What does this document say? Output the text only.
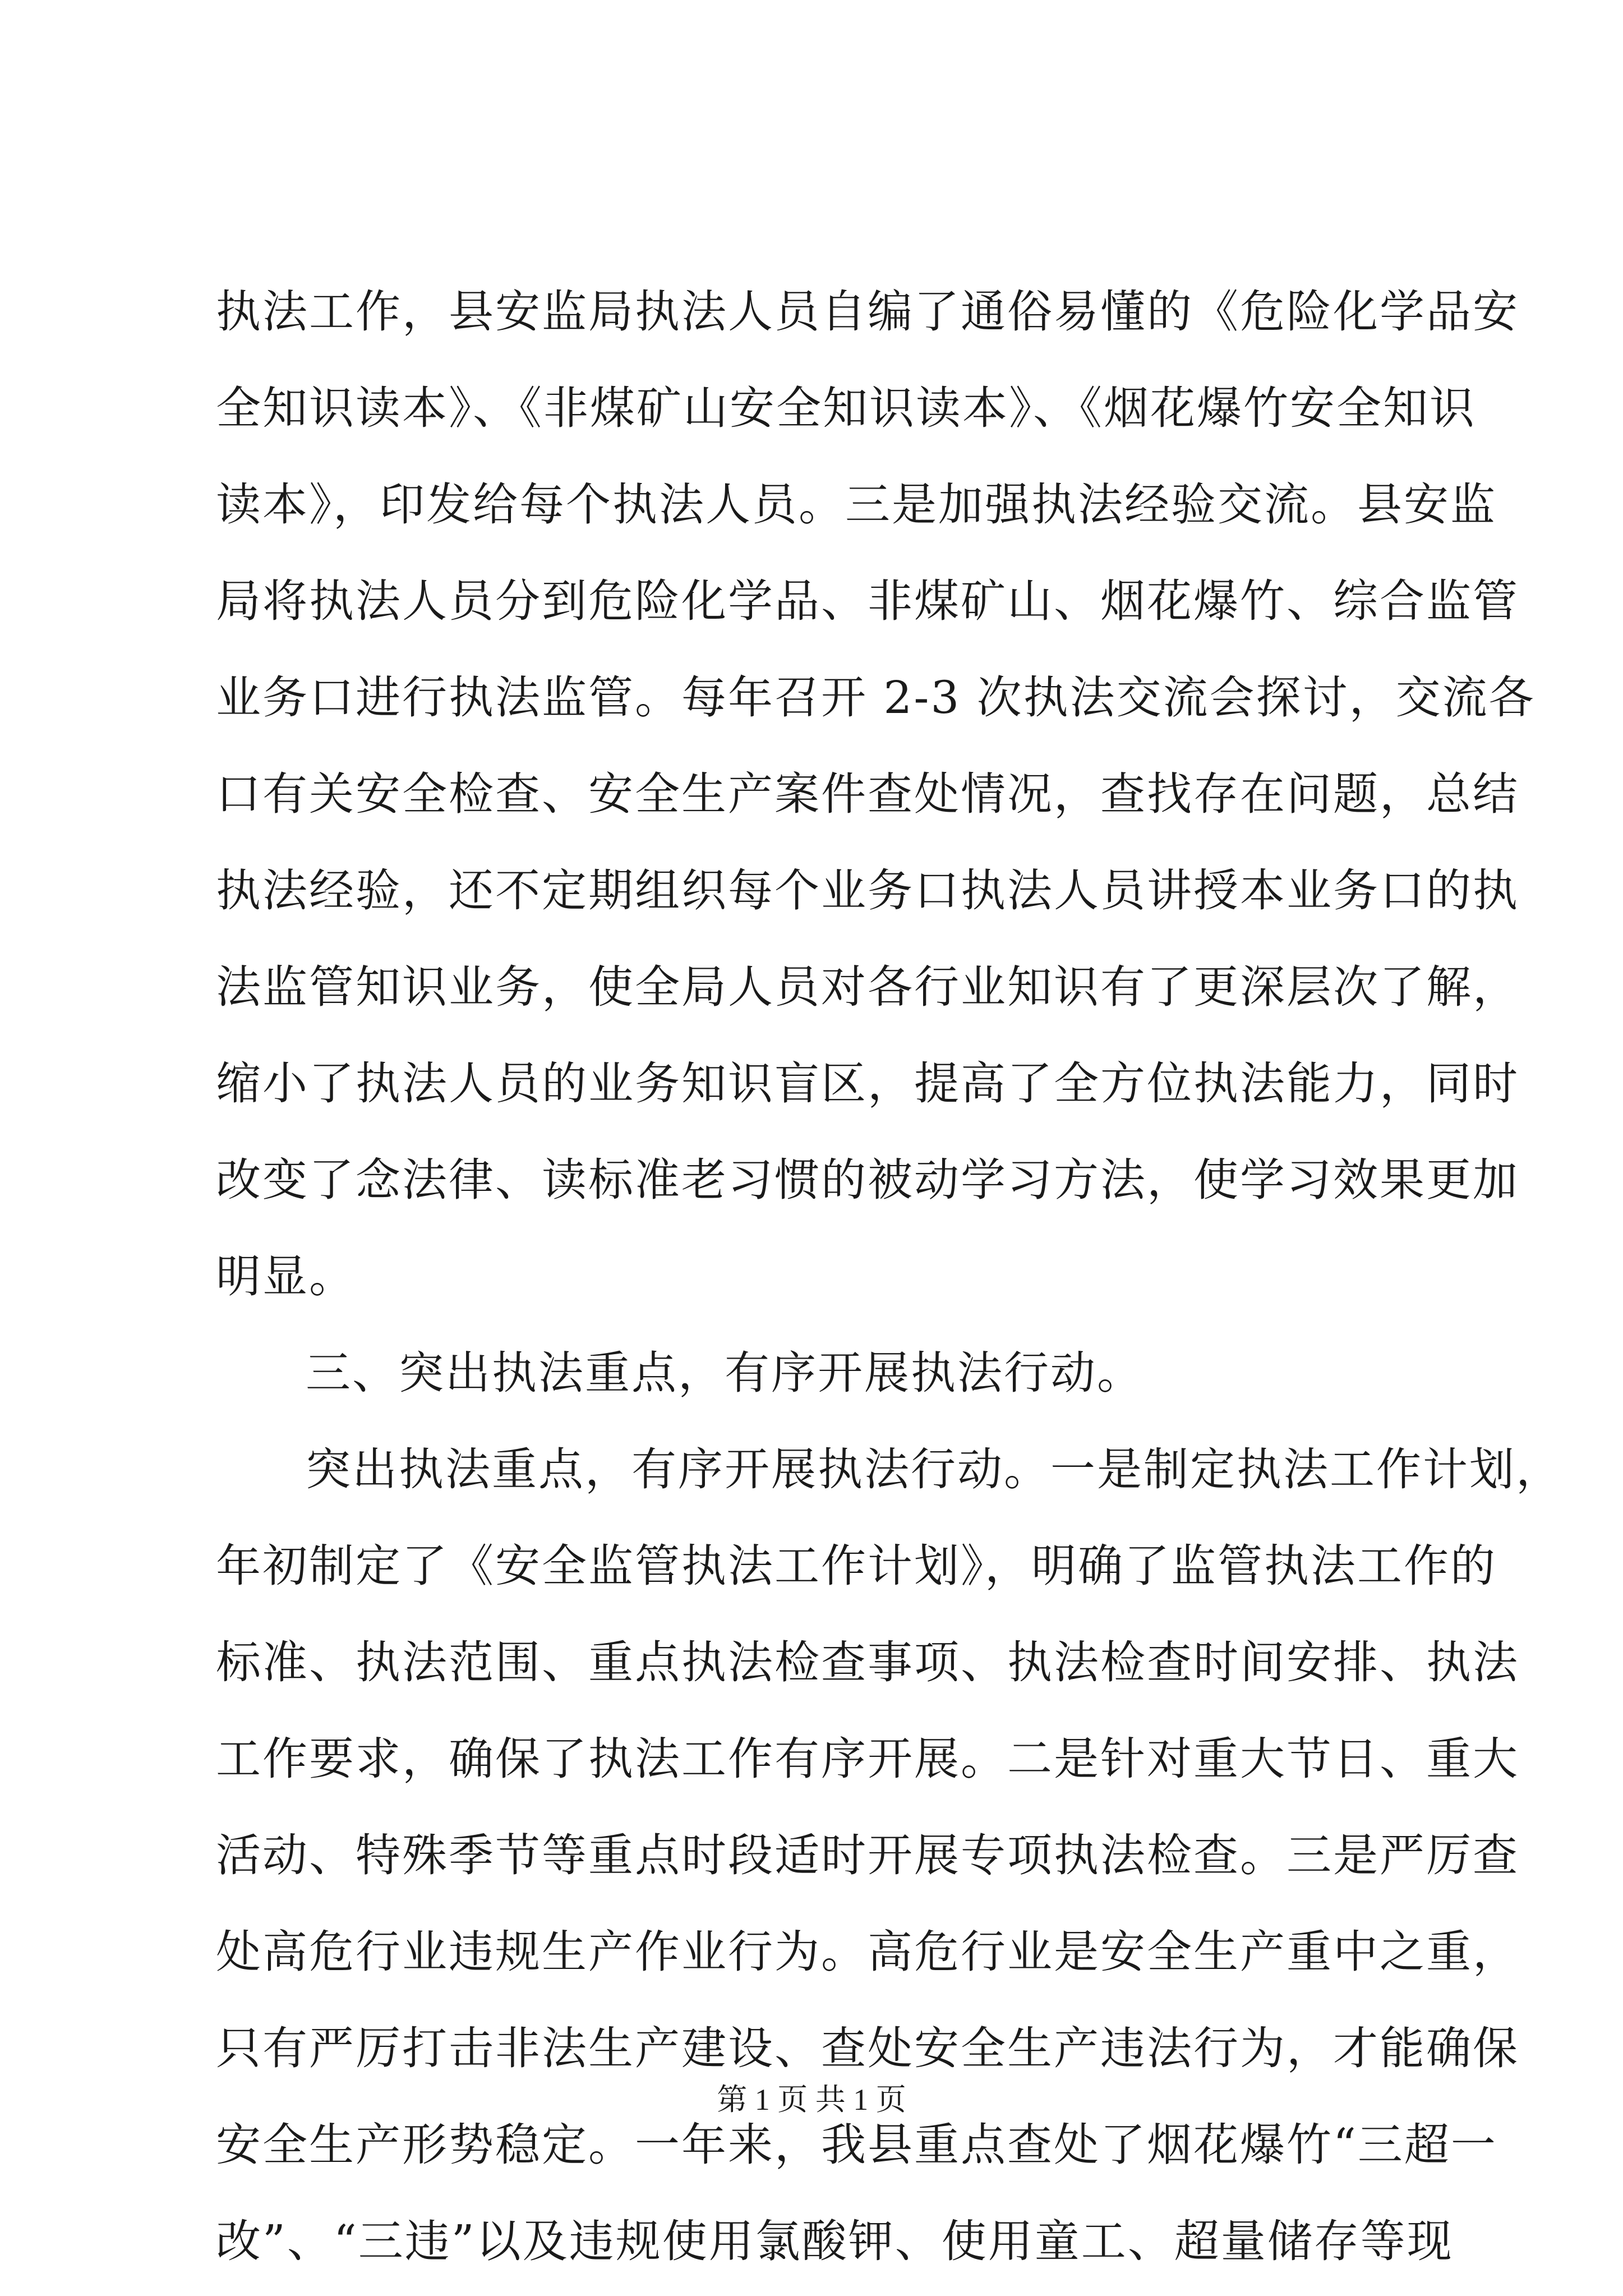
执法工作，县安监局执法人员自编了通俗易懂的《危险化学品安
全知识读本》、《非煤矿山安全知识读本》、《烟花爆竹安全知识
读本》，印发给每个执法人员。三是加强执法经验交流。县安监
局将执法人员分到危险化学品、非煤矿山、烟花爆竹、综合监管
业务口进行执法监管。每年召开 2-3 次执法交流会探讨，交流各
口有关安全检查、安全生产案件查处情况，查找存在问题，总结
执法经验，还不定期组织每个业务口执法人员讲授本业务口的执
法监管知识业务，使全局人员对各行业知识有了更深层次了解，
缩小了执法人员的业务知识盲区，提高了全方位执法能力，同时
改变了念法律、读标准老习惯的被动学习方法，使学习效果更加
明显。
三、突出执法重点，有序开展执法行动。
突出执法重点，有序开展执法行动。一是制定执法工作计划，
年初制定了《安全监管执法工作计划》，明确了监管执法工作的
标准、执法范围、重点执法检查事项、执法检查时间安排、执法
工作要求，确保了执法工作有序开展。二是针对重大节日、重大
活动、特殊季节等重点时段适时开展专项执法检查。三是严厉查
处高危行业违规生产作业行为。高危行业是安全生产重中之重，
只有严厉打击非法生产建设、查处安全生产违法行为，才能确保
安全生产形势稳定。一年来，我县重点查处了烟花爆竹“三超一
改”、“三违”以及违规使用氯酸钾、使用童工、超量储存等现
第 1 页 共 1 页
